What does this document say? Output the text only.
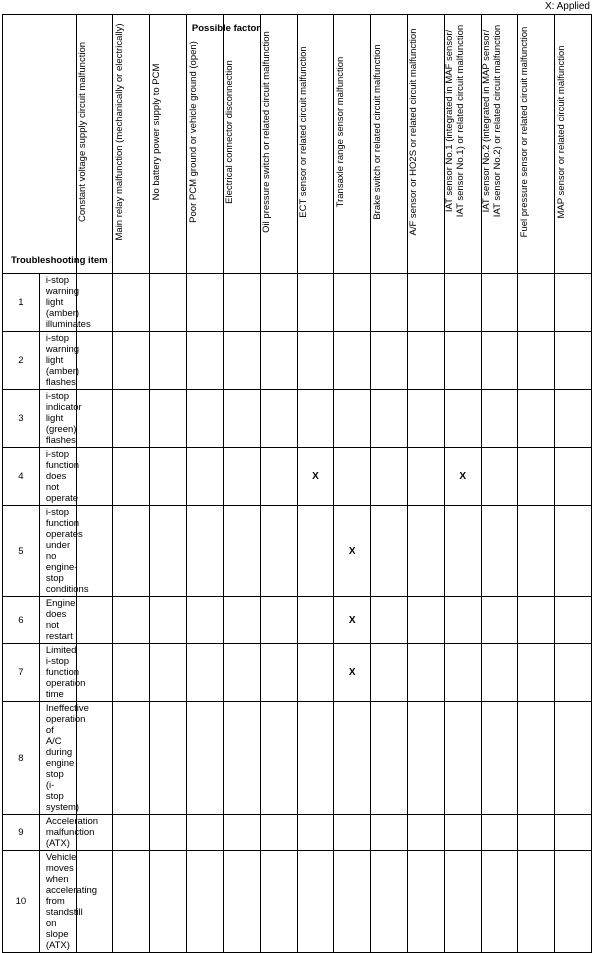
X: Applied
Possible factor
Troubleshooting item		Constant voltage supply circuit malfunction	Main relay malfunction (mechanically or electrically)	No battery power supply to PCM	Poor PCM ground or vehicle ground (open)	Electrical connector disconnection	Oil pressure switch or related circuit malfunction	ECT sensor or related circuit malfunction	Transaxle range sensor malfunction	Brake switch or related circuit malfunction	A/F sensor or HO2S or related circuit malfunction	IAT sensor No.1 (integrated in MAF sensor/ IAT sensor No.1) or related circuit malfunction	IAT sensor No.2 (integrated in MAP sensor/ IAT sensor No.2) or related circuit malfunction	Fuel pressure sensor or related circuit malfunction	MAP sensor or related circuit malfunction

1	i-stop warning light (amber) illuminates														
2	i-stop warning light (amber) flashes														
3	i-stop indicator light (green) flashes														
4	i-stop function does not operate							X				X			
5	i-stop function operates under no engine-stop conditions								X						
6	Engine does not restart								X						
7	Limited i-stop function operation time								X						
8	Ineffective operation of A/C during engine stop
(i-stop system)														

9	Acceleration malfunction (ATX)														
10	Vehicle moves when accelerating from standstill on slope
(ATX)														
